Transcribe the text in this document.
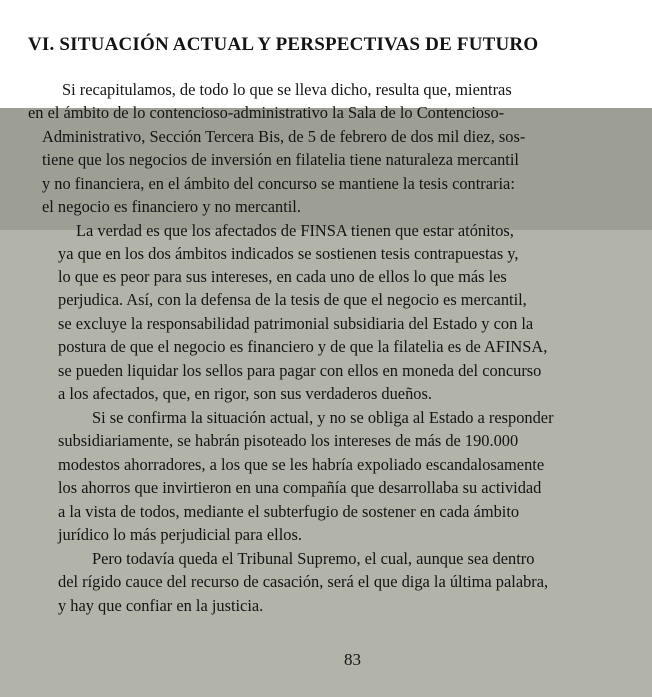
VI. SITUACIÓN ACTUAL Y PERSPECTIVAS DE FUTURO
Si recapitulamos, de todo lo que se lleva dicho, resulta que, mientras
en el ámbito de lo contencioso-administrativo la Sala de lo Contencioso-
Administrativo, Sección Tercera Bis, de 5 de febrero de dos mil diez, sos-
tiene que los negocios de inversión en filatelia tiene naturaleza mercantil
y no financiera, en el ámbito del concurso se mantiene la tesis contraria:
el negocio es financiero y no mercantil.
La verdad es que los afectados de FINSA tienen que estar atónitos,
ya que en los dos ámbitos indicados se sostienen tesis contrapuestas y,
lo que es peor para sus intereses, en cada uno de ellos lo que más les
perjudica. Así, con la defensa de la tesis de que el negocio es mercantil,
se excluye la responsabilidad patrimonial subsidiaria del Estado y con la
postura de que el negocio es financiero y de que la filatelia es de AFINSA,
se pueden liquidar los sellos para pagar con ellos en moneda del concurso
a los afectados, que, en rigor, son sus verdaderos dueños.
Si se confirma la situación actual, y no se obliga al Estado a responder
subsidiariamente, se habrán pisoteado los intereses de más de 190.000
modestos ahorradores, a los que se les habría expoliado escandalosamente
los ahorros que invirtieron en una compañía que desarrollaba su actividad
a la vista de todos, mediante el subterfugio de sostener en cada ámbito
jurídico lo más perjudicial para ellos.
Pero todavía queda el Tribunal Supremo, el cual, aunque sea dentro
del rígido cauce del recurso de casación, será el que diga la última palabra,
y hay que confiar en la justicia.
83
